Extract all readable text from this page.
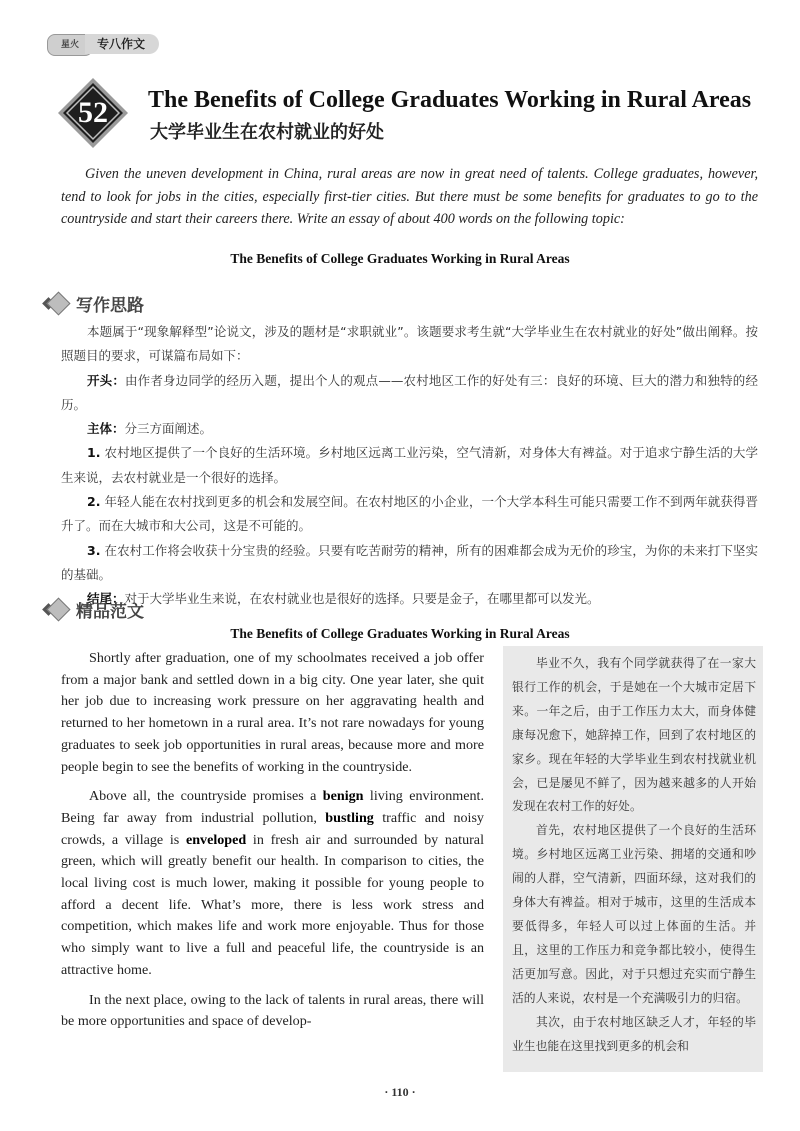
星火	专八作文
52 The Benefits of College Graduates Working in Rural Areas
大学毕业生在农村就业的好处
Given the uneven development in China, rural areas are now in great need of talents. College graduates, however, tend to look for jobs in the cities, especially first-tier cities. But there must be some benefits for graduates to go to the countryside and start their careers there. Write an essay of about 400 words on the following topic:
The Benefits of College Graduates Working in Rural Areas
写作思路

本题属于“现象解释型”论说文，涉及的题材是“求职就业”。该题要求考生就“大学毕业生在农村就业的好处”做出阐释。按照题目的要求，可谋篇布局如下：

开头：由作者身边同学的经历入题，提出个人的观点——农村地区工作的好处有三：良好的环境、巨大的潜力和独特的经历。

主体：分三方面阐述。

1. 农村地区提供了一个良好的生活环境。乡村地区远离工业污染，空气清新，对身体大有裨益。对于追求宁静生活的大学生来说，去农村就业是一个很好的选择。

2. 年轻人能在农村找到更多的机会和发展空间。在农村地区的小企业，一个大学本科生可能只需要工作不到两年就获得晋升了。而在大城市和大公司，这是不可能的。

3. 在农村工作将会收获十分宝贵的经验。只要有吃苦耐劳的精神，所有的困难都会成为无价的珍宝，为你的未来打下坚实的基础。

结尾：对于大学毕业生来说，在农村就业也是很好的选择。只要是金子，在哪里都可以发光。

精品范文
The Benefits of College Graduates Working in Rural Areas

Shortly after graduation, one of my schoolmates received a job offer from a major bank and settled down in a big city. One year later, she quit her job due to increasing work pressure on her aggravating health and returned to her hometown in a rural area. It’s not rare nowadays for young graduates to seek job opportunities in rural areas, because more and more people begin to see the benefits of working in the countryside.

Above all, the countryside promises a benign living environment. Being far away from industrial pollution, bustling traffic and noisy crowds, a village is enveloped in fresh air and surrounded by natural green, which will greatly benefit our health. In comparison to cities, the local living cost is much lower, making it possible for young people to afford a decent life. What’s more, there is less work stress and competition, which makes life and work more enjoyable. Thus for those who simply want to live a full and peaceful life, the countryside is an attractive home.

In the next place, owing to the lack of talents in rural areas, there will be more opportunities and space of develop-

毕业不久，我有个同学就获得了在一家大银行工作的机会，于是她在一个大城市定居下来。一年之后，由于工作压力太大，而身体健康每况愈下，她辞掉工作，回到了农村地区的家乡。现在年轻的大学毕业生到农村找就业机会，已是屡见不鲜了，因为越来越多的人开始发现在农村工作的好处。

首先，农村地区提供了一个良好的生活环境。乡村地区远离工业污染、拥堵的交通和吵闹的人群，空气清新，四面环绿，这对我们的身体大有裨益。相对于城市，这里的生活成本要低得多，年轻人可以过上体面的生活。并且，这里的工作压力和竞争都比较小，使得生活更加写意。因此，对于只想过充实而宁静生活的人来说，农村是一个充满吸引力的归宿。

其次，由于农村地区缺乏人才，年轻的毕业生也能在这里找到更多的机会和

· 110 ·
